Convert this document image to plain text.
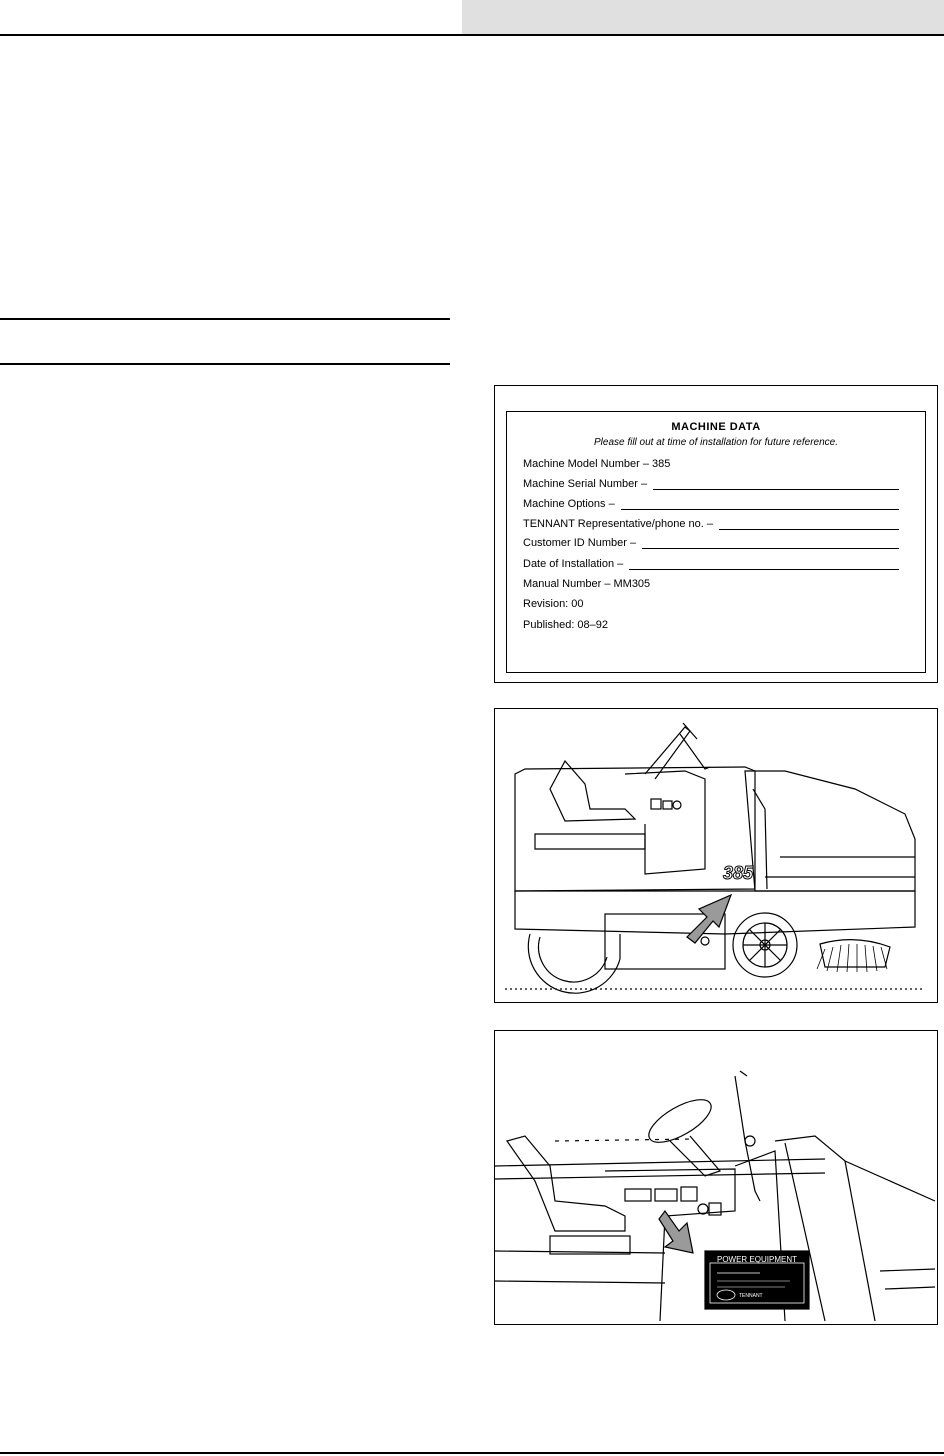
MACHINE DATA
Please fill out at time of installation for future reference.
Machine Model Number – 385
Machine Serial Number –
Machine Options –
TENNANT Representative/phone no. –
Customer ID Number –
Date of Installation –
Manual Number – MM305
Revision: 00
Published: 08–92
385
POWER EQUIPMENT
TENNANT
